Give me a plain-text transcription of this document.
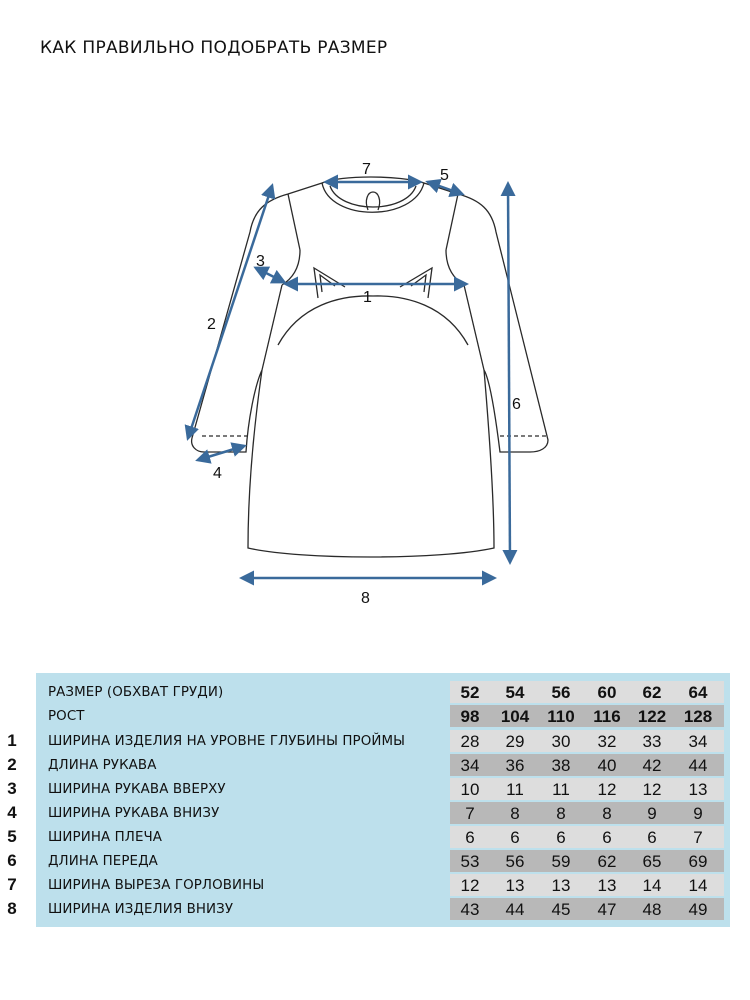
КАК ПРАВИЛЬНО ПОДОБРАТЬ РАЗМЕР
7	5
3
1
2
6
4
8
РАЗМЕР (ОБХВАТ ГРУДИ)	52	54	56	60	62	64
РОСТ	98	104	110	116	122	128
1	ШИРИНА ИЗДЕЛИЯ НА УРОВНЕ ГЛУБИНЫ ПРОЙМЫ	28	29	30	32	33	34
2	ДЛИНА РУКАВА	34	36	38	40	42	44
3	ШИРИНА РУКАВА ВВЕРХУ	10	11	11	12	12	13
4	ШИРИНА РУКАВА ВНИЗУ	7	8	8	8	9	9
5	ШИРИНА ПЛЕЧА	6	6	6	6	6	7
6	ДЛИНА ПЕРЕДА	53	56	59	62	65	69
7	ШИРИНА ВЫРЕЗА ГОРЛОВИНЫ	12	13	13	13	14	14
8	ШИРИНА ИЗДЕЛИЯ ВНИЗУ	43	44	45	47	48	49
